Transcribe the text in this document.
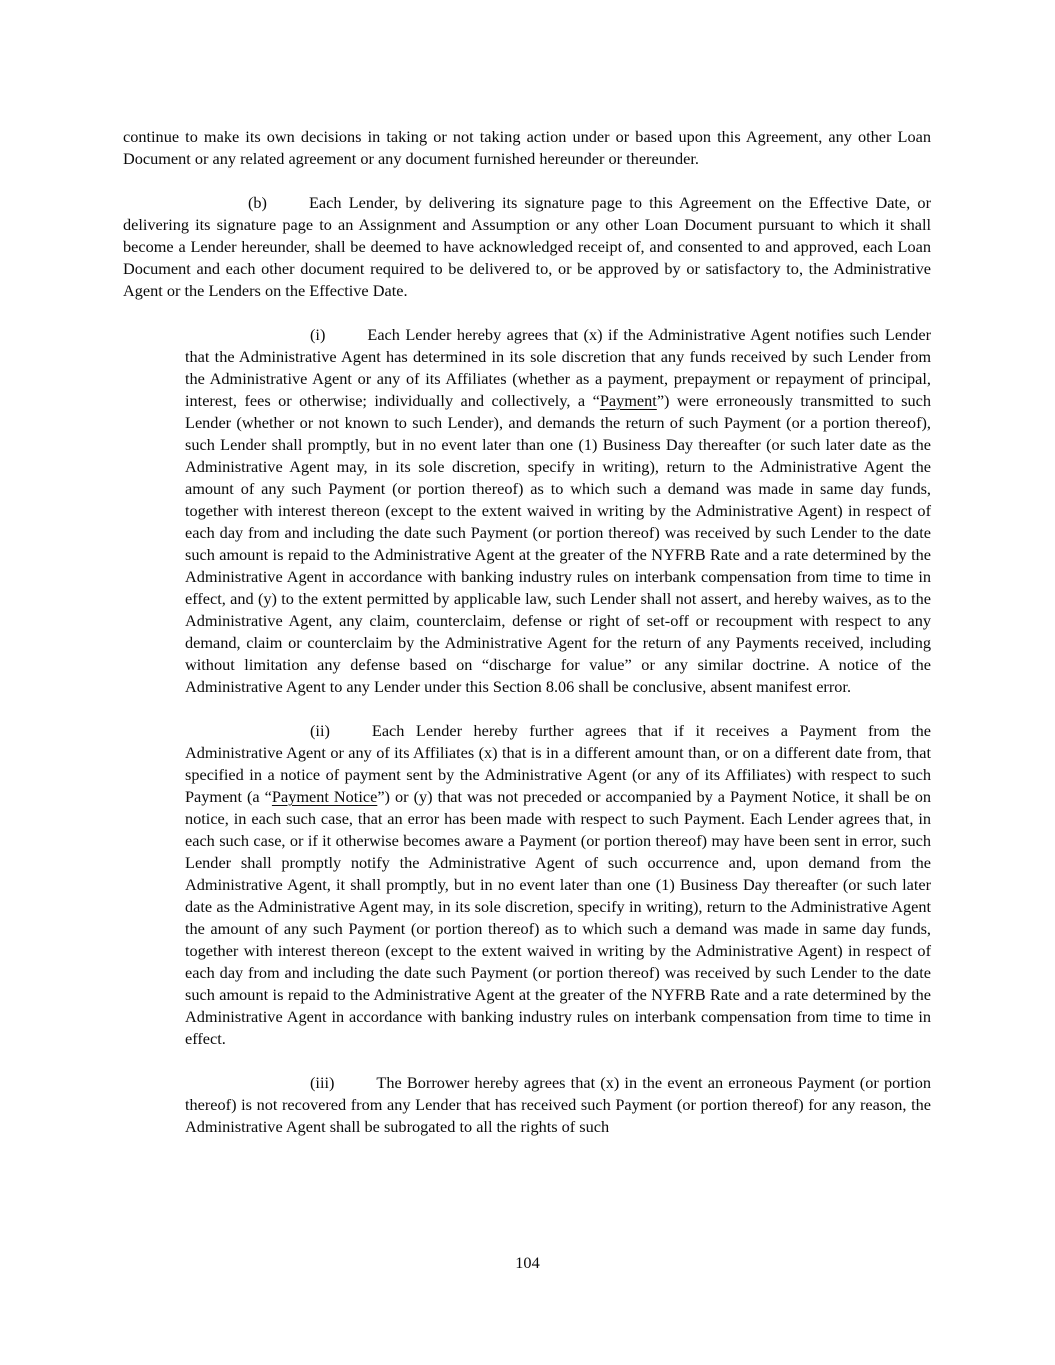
continue to make its own decisions in taking or not taking action under or based upon this Agreement, any other Loan Document or any related agreement or any document furnished hereunder or thereunder.

(b)	Each Lender, by delivering its signature page to this Agreement on the Effective Date, or delivering its signature page to an Assignment and Assumption or any other Loan Document pursuant to which it shall become a Lender hereunder, shall be deemed to have acknowledged receipt of, and consented to and approved, each Loan Document and each other document required to be delivered to, or be approved by or satisfactory to, the Administrative Agent or the Lenders on the Effective Date.

(i)	Each Lender hereby agrees that (x) if the Administrative Agent notifies such Lender that the Administrative Agent has determined in its sole discretion that any funds received by such Lender from the Administrative Agent or any of its Affiliates (whether as a payment, prepayment or repayment of principal, interest, fees or otherwise; individually and collectively, a “Payment”) were erroneously transmitted to such Lender (whether or not known to such Lender), and demands the return of such Payment (or a portion thereof), such Lender shall promptly, but in no event later than one (1) Business Day thereafter (or such later date as the Administrative Agent may, in its sole discretion, specify in writing), return to the Administrative Agent the amount of any such Payment (or portion thereof) as to which such a demand was made in same day funds, together with interest thereon (except to the extent waived in writing by the Administrative Agent) in respect of each day from and including the date such Payment (or portion thereof) was received by such Lender to the date such amount is repaid to the Administrative Agent at the greater of the NYFRB Rate and a rate determined by the Administrative Agent in accordance with banking industry rules on interbank compensation from time to time in effect, and (y) to the extent permitted by applicable law, such Lender shall not assert, and hereby waives, as to the Administrative Agent, any claim, counterclaim, defense or right of set-off or recoupment with respect to any demand, claim or counterclaim by the Administrative Agent for the return of any Payments received, including without limitation any defense based on “discharge for value” or any similar doctrine. A notice of the Administrative Agent to any Lender under this Section 8.06 shall be conclusive, absent manifest error.

(ii)	Each Lender hereby further agrees that if it receives a Payment from the Administrative Agent or any of its Affiliates (x) that is in a different amount than, or on a different date from, that specified in a notice of payment sent by the Administrative Agent (or any of its Affiliates) with respect to such Payment (a “Payment Notice”) or (y) that was not preceded or accompanied by a Payment Notice, it shall be on notice, in each such case, that an error has been made with respect to such Payment. Each Lender agrees that, in each such case, or if it otherwise becomes aware a Payment (or portion thereof) may have been sent in error, such Lender shall promptly notify the Administrative Agent of such occurrence and, upon demand from the Administrative Agent, it shall promptly, but in no event later than one (1) Business Day thereafter (or such later date as the Administrative Agent may, in its sole discretion, specify in writing), return to the Administrative Agent the amount of any such Payment (or portion thereof) as to which such a demand was made in same day funds, together with interest thereon (except to the extent waived in writing by the Administrative Agent) in respect of each day from and including the date such Payment (or portion thereof) was received by such Lender to the date such amount is repaid to the Administrative Agent at the greater of the NYFRB Rate and a rate determined by the Administrative Agent in accordance with banking industry rules on interbank compensation from time to time in effect.

(iii)	The Borrower hereby agrees that (x) in the event an erroneous Payment (or portion thereof) is not recovered from any Lender that has received such Payment (or portion thereof) for any reason, the Administrative Agent shall be subrogated to all the rights of such

104
